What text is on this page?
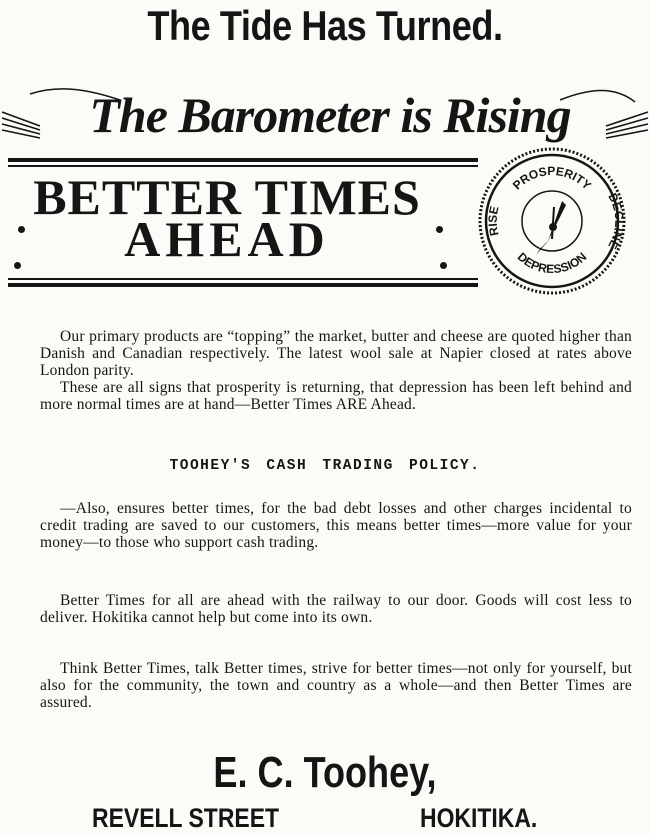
The Tide Has Turned.
The Barometer is Rising
BETTER TIMES
AHEAD
PROSPERITY
DEPRESSION
RISE
DECLINE

Our primary products are “topping” the market, butter and cheese are quoted higher than Danish and Canadian respectively. The latest wool sale at Napier closed at rates above London parity.

These are all signs that prosperity is returning, that depression has been left behind and more normal times are at hand—Better Times ARE Ahead.

TOOHEY'S CASH TRADING POLICY.

—Also, ensures better times, for the bad debt losses and other charges incidental to credit trading are saved to our customers, this means better times—more value for your money—to those who support cash trading.

Better Times for all are ahead with the railway to our door. Goods will cost less to deliver. Hokitika cannot help but come into its own.

Think Better Times, talk Better times, strive for better times—not only for yourself, but also for the community, the town and country as a whole—and then Better Times are assured.

E. C. Toohey,
REVELL STREET	HOKITIKA.
